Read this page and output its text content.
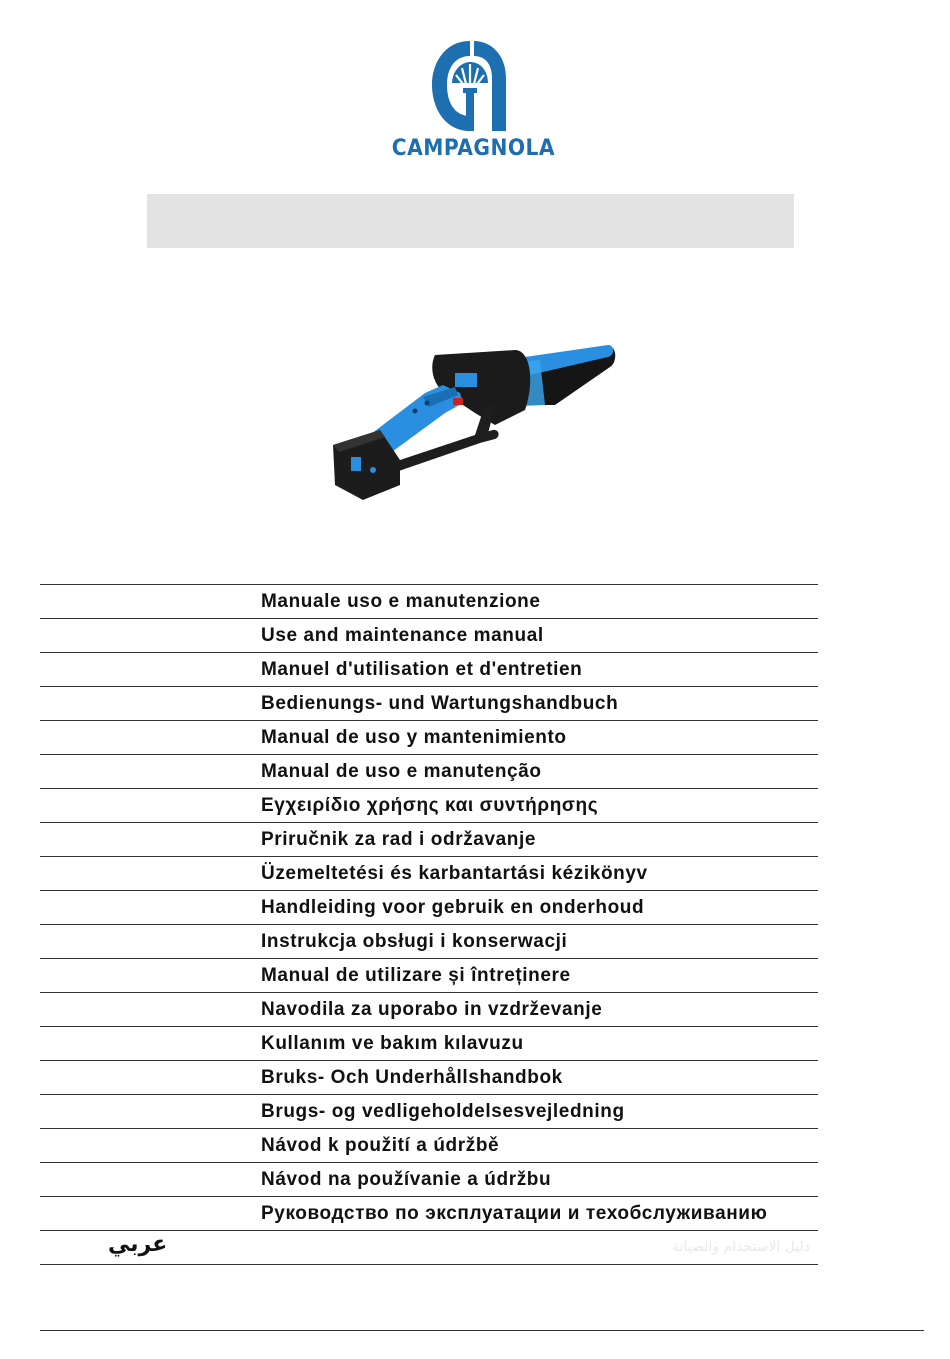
CAMPAGNOLA
Manuale uso e manutenzione
Use and maintenance manual
Manuel d'utilisation et d'entretien
Bedienungs- und Wartungshandbuch
Manual de uso y mantenimiento
Manual de uso e manutenção
Εγχειρίδιο χρήσης και συντήρησης
Priručnik za rad i održavanje
Üzemeltetési és karbantartási kézikönyv
Handleiding voor gebruik en onderhoud
Instrukcja obsługi i konserwacji
Manual de utilizare și întreținere
Navodila za uporabo in vzdrževanje
Kullanım ve bakım kılavuzu
Bruks- Och Underhållshandbok
Brugs- og vedligeholdelsesvejledning
Návod k použití a údržbě
Návod na používanie a údržbu
Руководство по эксплуатации и техобслуживанию
عربي	دليل الاستخدام والصيانة
